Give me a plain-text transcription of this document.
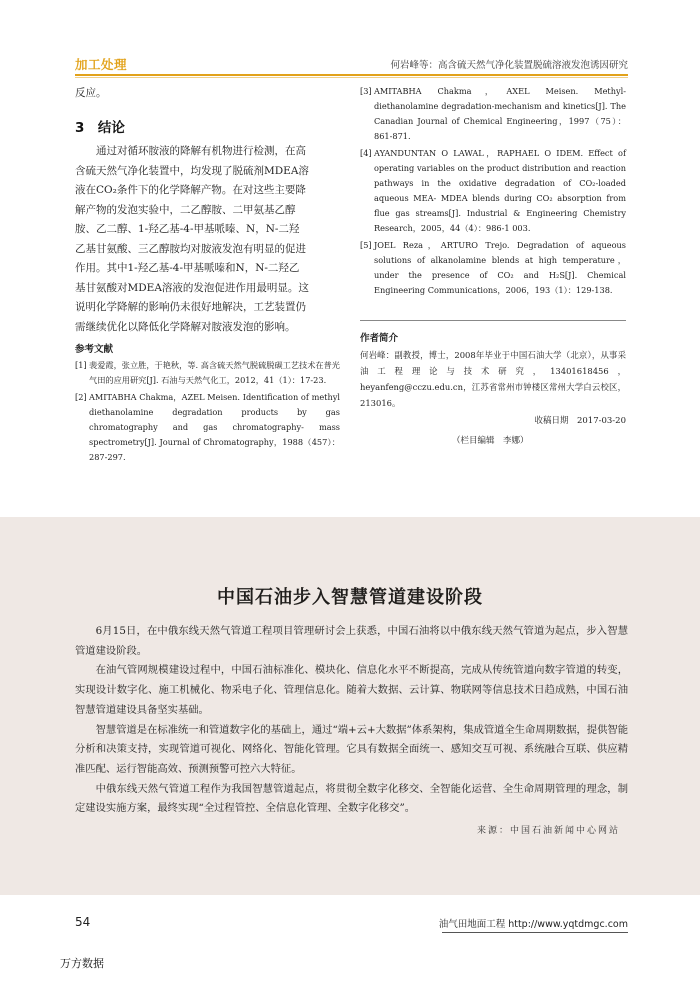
加工处理	何岩峰等：高含硫天然气净化装置脱硫溶液发泡诱因研究
反应。
3　结论
　　通过对循环胺液的降解有机物进行检测，在高
含硫天然气净化装置中，均发现了脱硫剂MDEA溶
液在CO₂条件下的化学降解产物。在对这些主要降
解产物的发泡实验中，二乙醇胺、二甲氨基乙醇
胺、乙二醇、1-羟乙基-4-甲基哌嗪、N，N-二羟
乙基甘氨酸、三乙醇胺均对胺液发泡有明显的促进
作用。其中1-羟乙基-4-甲基哌嗪和N，N-二羟乙
基甘氨酸对MDEA溶液的发泡促进作用最明显。这
说明化学降解的影响仍未很好地解决，工艺装置仍
需继续优化以降低化学降解对胺液发泡的影响。
参考文献
[1] 裴爱霞，张立胜，于艳秋，等. 高含硫天然气脱硫脱碳工艺技术在普光气田的应用研究[J]. 石油与天然气化工，2012，41（1）：17-23.
[2] AMITABHA Chakma，AZEL Meisen. Identification of methyl diethanolamine degradation products by gas chromatography and gas chromatography- mass spectrometry[J]. Journal of Chromatography，1988（457）：287-297.
[3] AMITABHA Chakma，AXEL Meisen. Methyl- diethanolamine degradation-mechanism and kinetics[J]. The Canadian Journal of Chemical Engineering，1997（75）：861-871.
[4] AYANDUNTAN O LAWAL，RAPHAEL O IDEM. Effect of operating variables on the product distribution and reaction pathways in the oxidative degradation of CO₂-loaded aqueous MEA- MDEA blends during CO₂ absorption from flue gas streams[J]. Industrial & Engineering Chemistry Research，2005，44（4）：986-1 003.
[5] JOEL Reza，ARTURO Trejo. Degradation of aqueous solutions of alkanolamine blends at high temperature，under the presence of CO₂ and H₂S[J]. Chemical Engineering Communications，2006，193（1）：129-138.
作者简介
何岩峰：副教授，博士，2008年毕业于中国石油大学（北京），从事采油工程理论与技术研究，13401618456，heyanfeng@cczu.edu.cn，江苏省常州市钟楼区常州大学白云校区，213016。
收稿日期　2017-03-20
（栏目编辑　李娜）
中国石油步入智慧管道建设阶段

6月15日，在中俄东线天然气管道工程项目管理研讨会上获悉，中国石油将以中俄东线天然气管道为起点，步入智慧管道建设阶段。

在油气管网规模建设过程中，中国石油标准化、模块化、信息化水平不断提高，完成从传统管道向数字管道的转变，实现设计数字化、施工机械化、物采电子化、管理信息化。随着大数据、云计算、物联网等信息技术日趋成熟，中国石油智慧管道建设具备坚实基础。

智慧管道是在标准统一和管道数字化的基础上，通过“端+云+大数据”体系架构，集成管道全生命周期数据，提供智能分析和决策支持，实现管道可视化、网络化、智能化管理。它具有数据全面统一、感知交互可视、系统融合互联、供应精准匹配、运行智能高效、预测预警可控六大特征。

中俄东线天然气管道工程作为我国智慧管道起点，将贯彻全数字化移交、全智能化运营、全生命周期管理的理念，制定建设实施方案，最终实现“全过程管控、全信息化管理、全数字化移交”。

来源：中国石油新闻中心网站
54	油气田地面工程 http://www.yqtdmgc.com
万方数据
